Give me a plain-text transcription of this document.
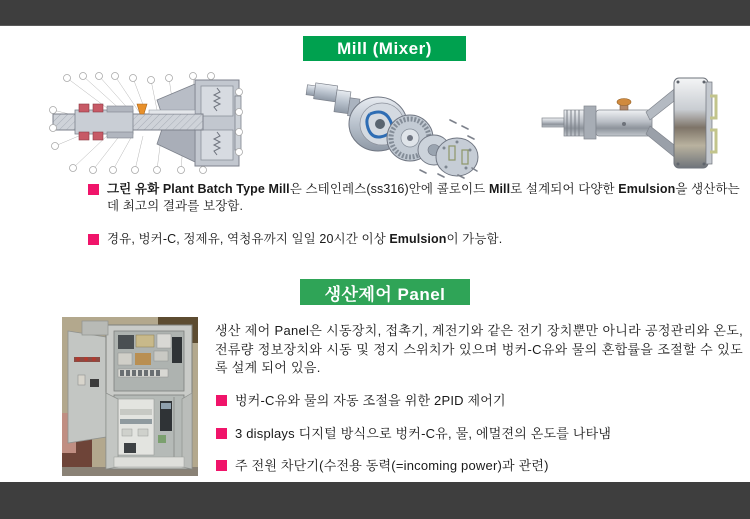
Mill (Mixer)
그린 유화 Plant Batch Type Mill은 스테인레스(ss316)안에 콜로이드 Mill로 설계되어 다양한 Emulsion을 생산하는데 최고의 결과를 보장함.
경유, 벙커-C, 정제유, 역청유까지 일일 20시간 이상 Emulsion이 가능함.
생산제어 Panel
생산 제어 Panel은 시동장치, 접촉기, 계전기와 같은 전기 장치뿐만 아니라 공정관리와 온도, 전류량 정보장치와 시동 및 정지 스위치가 있으며 벙커-C유와 물의 혼합률을 조절할 수 있도록 설계 되어 있음.
벙커-C유와 물의 자동 조절을 위한 2PID 제어기
3 displays 디지털 방식으로 벙커-C유, 물, 에멀젼의 온도를 나타냄
주 전원 차단기(수전용 동력(=incoming power)과 관련)
